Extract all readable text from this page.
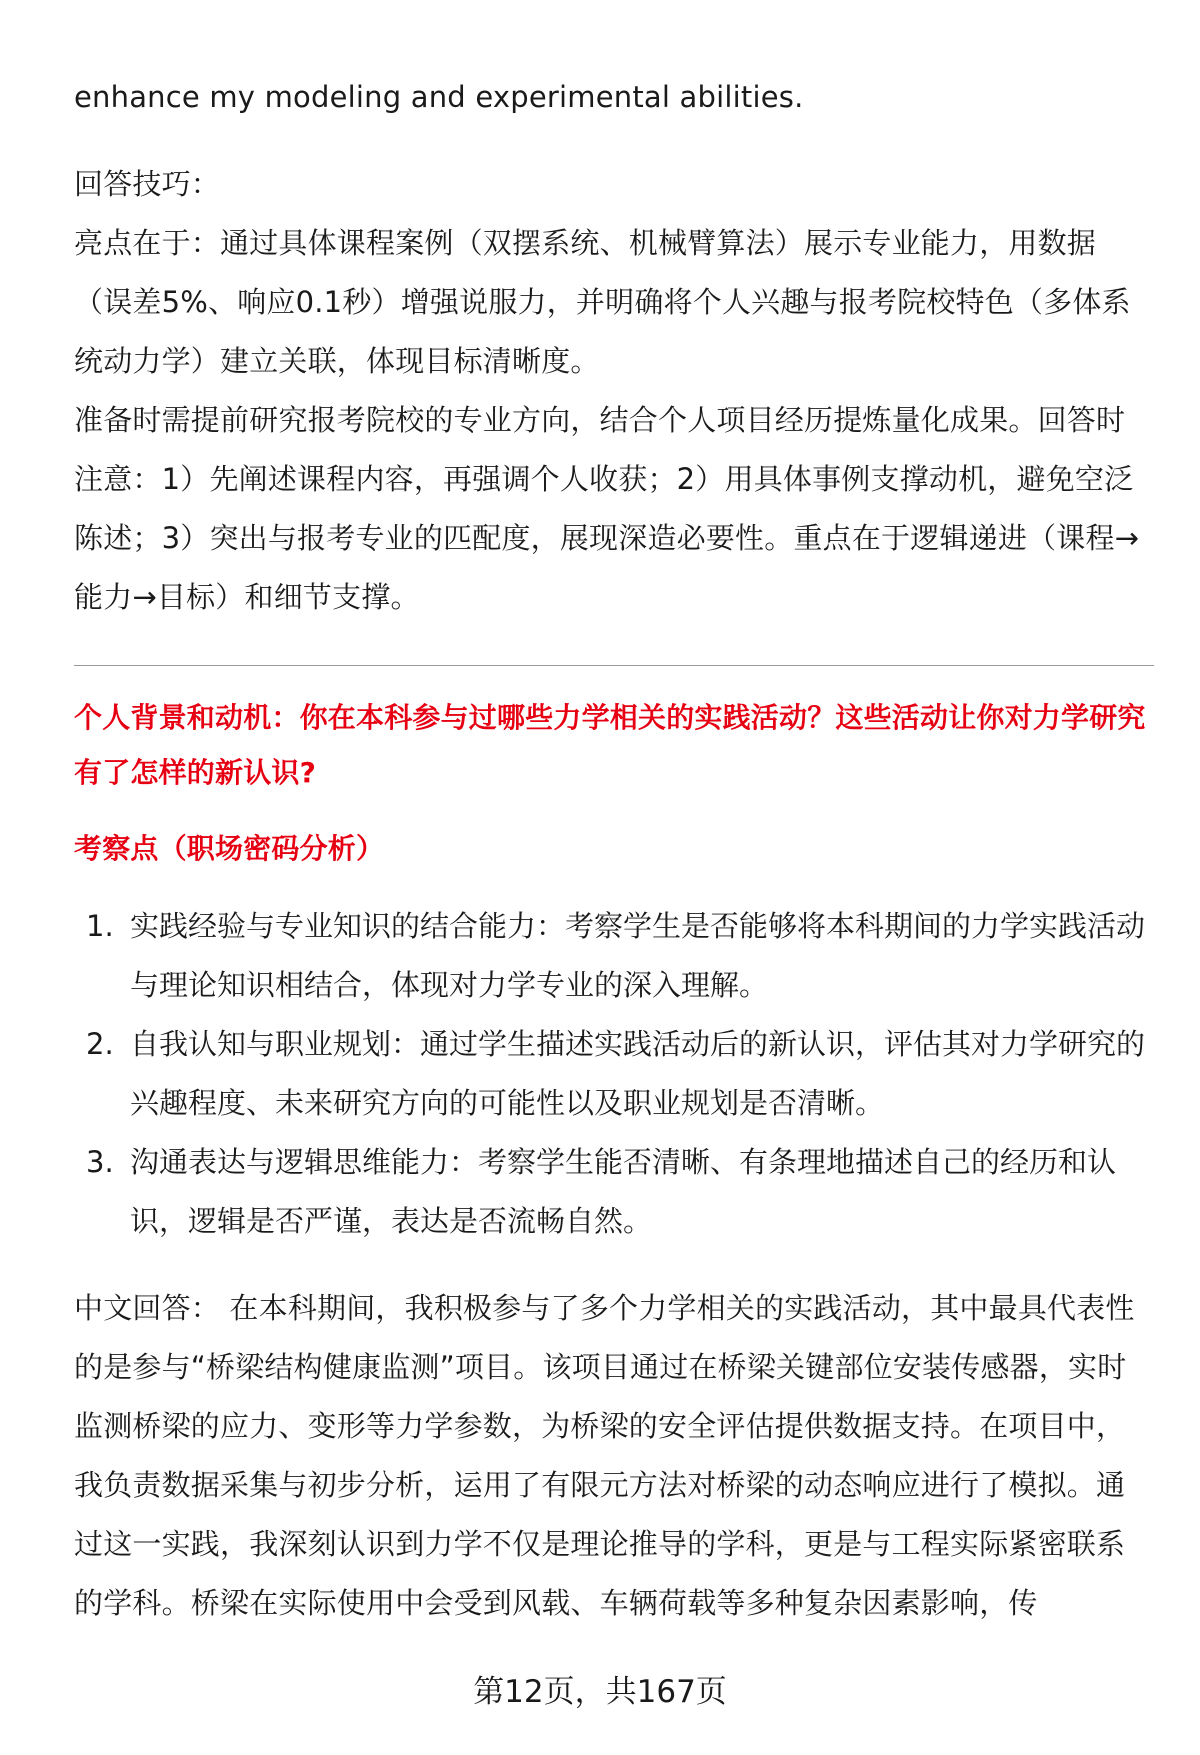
enhance my modeling and experimental abilities.

回答技巧：

亮点在于：通过具体课程案例（双摆系统、机械臂算法）展示专业能力，用数据（误差5%、响应0.1秒）增强说服力，并明确将个人兴趣与报考院校特色（多体系统动力学）建立关联，体现目标清晰度。

准备时需提前研究报考院校的专业方向，结合个人项目经历提炼量化成果。回答时注意：1）先阐述课程内容，再强调个人收获；2）用具体事例支撑动机，避免空泛陈述；3）突出与报考专业的匹配度，展现深造必要性。重点在于逻辑递进（课程→能力→目标）和细节支撑。

个人背景和动机：你在本科参与过哪些力学相关的实践活动？这些活动让你对力学研究有了怎样的新认识?

考察点（职场密码分析）

1. 实践经验与专业知识的结合能力：考察学生是否能够将本科期间的力学实践活动与理论知识相结合，体现对力学专业的深入理解。
2. 自我认知与职业规划：通过学生描述实践活动后的新认识，评估其对力学研究的兴趣程度、未来研究方向的可能性以及职业规划是否清晰。
3. 沟通表达与逻辑思维能力：考察学生能否清晰、有条理地描述自己的经历和认识，逻辑是否严谨，表达是否流畅自然。

中文回答： 在本科期间，我积极参与了多个力学相关的实践活动，其中最具代表性的是参与“桥梁结构健康监测”项目。该项目通过在桥梁关键部位安装传感器，实时监测桥梁的应力、变形等力学参数，为桥梁的安全评估提供数据支持。在项目中，我负责数据采集与初步分析，运用了有限元方法对桥梁的动态响应进行了模拟。通过这一实践，我深刻认识到力学不仅是理论推导的学科，更是与工程实际紧密联系的学科。桥梁在实际使用中会受到风载、车辆荷载等多种复杂因素影响，传

第12页，共167页
